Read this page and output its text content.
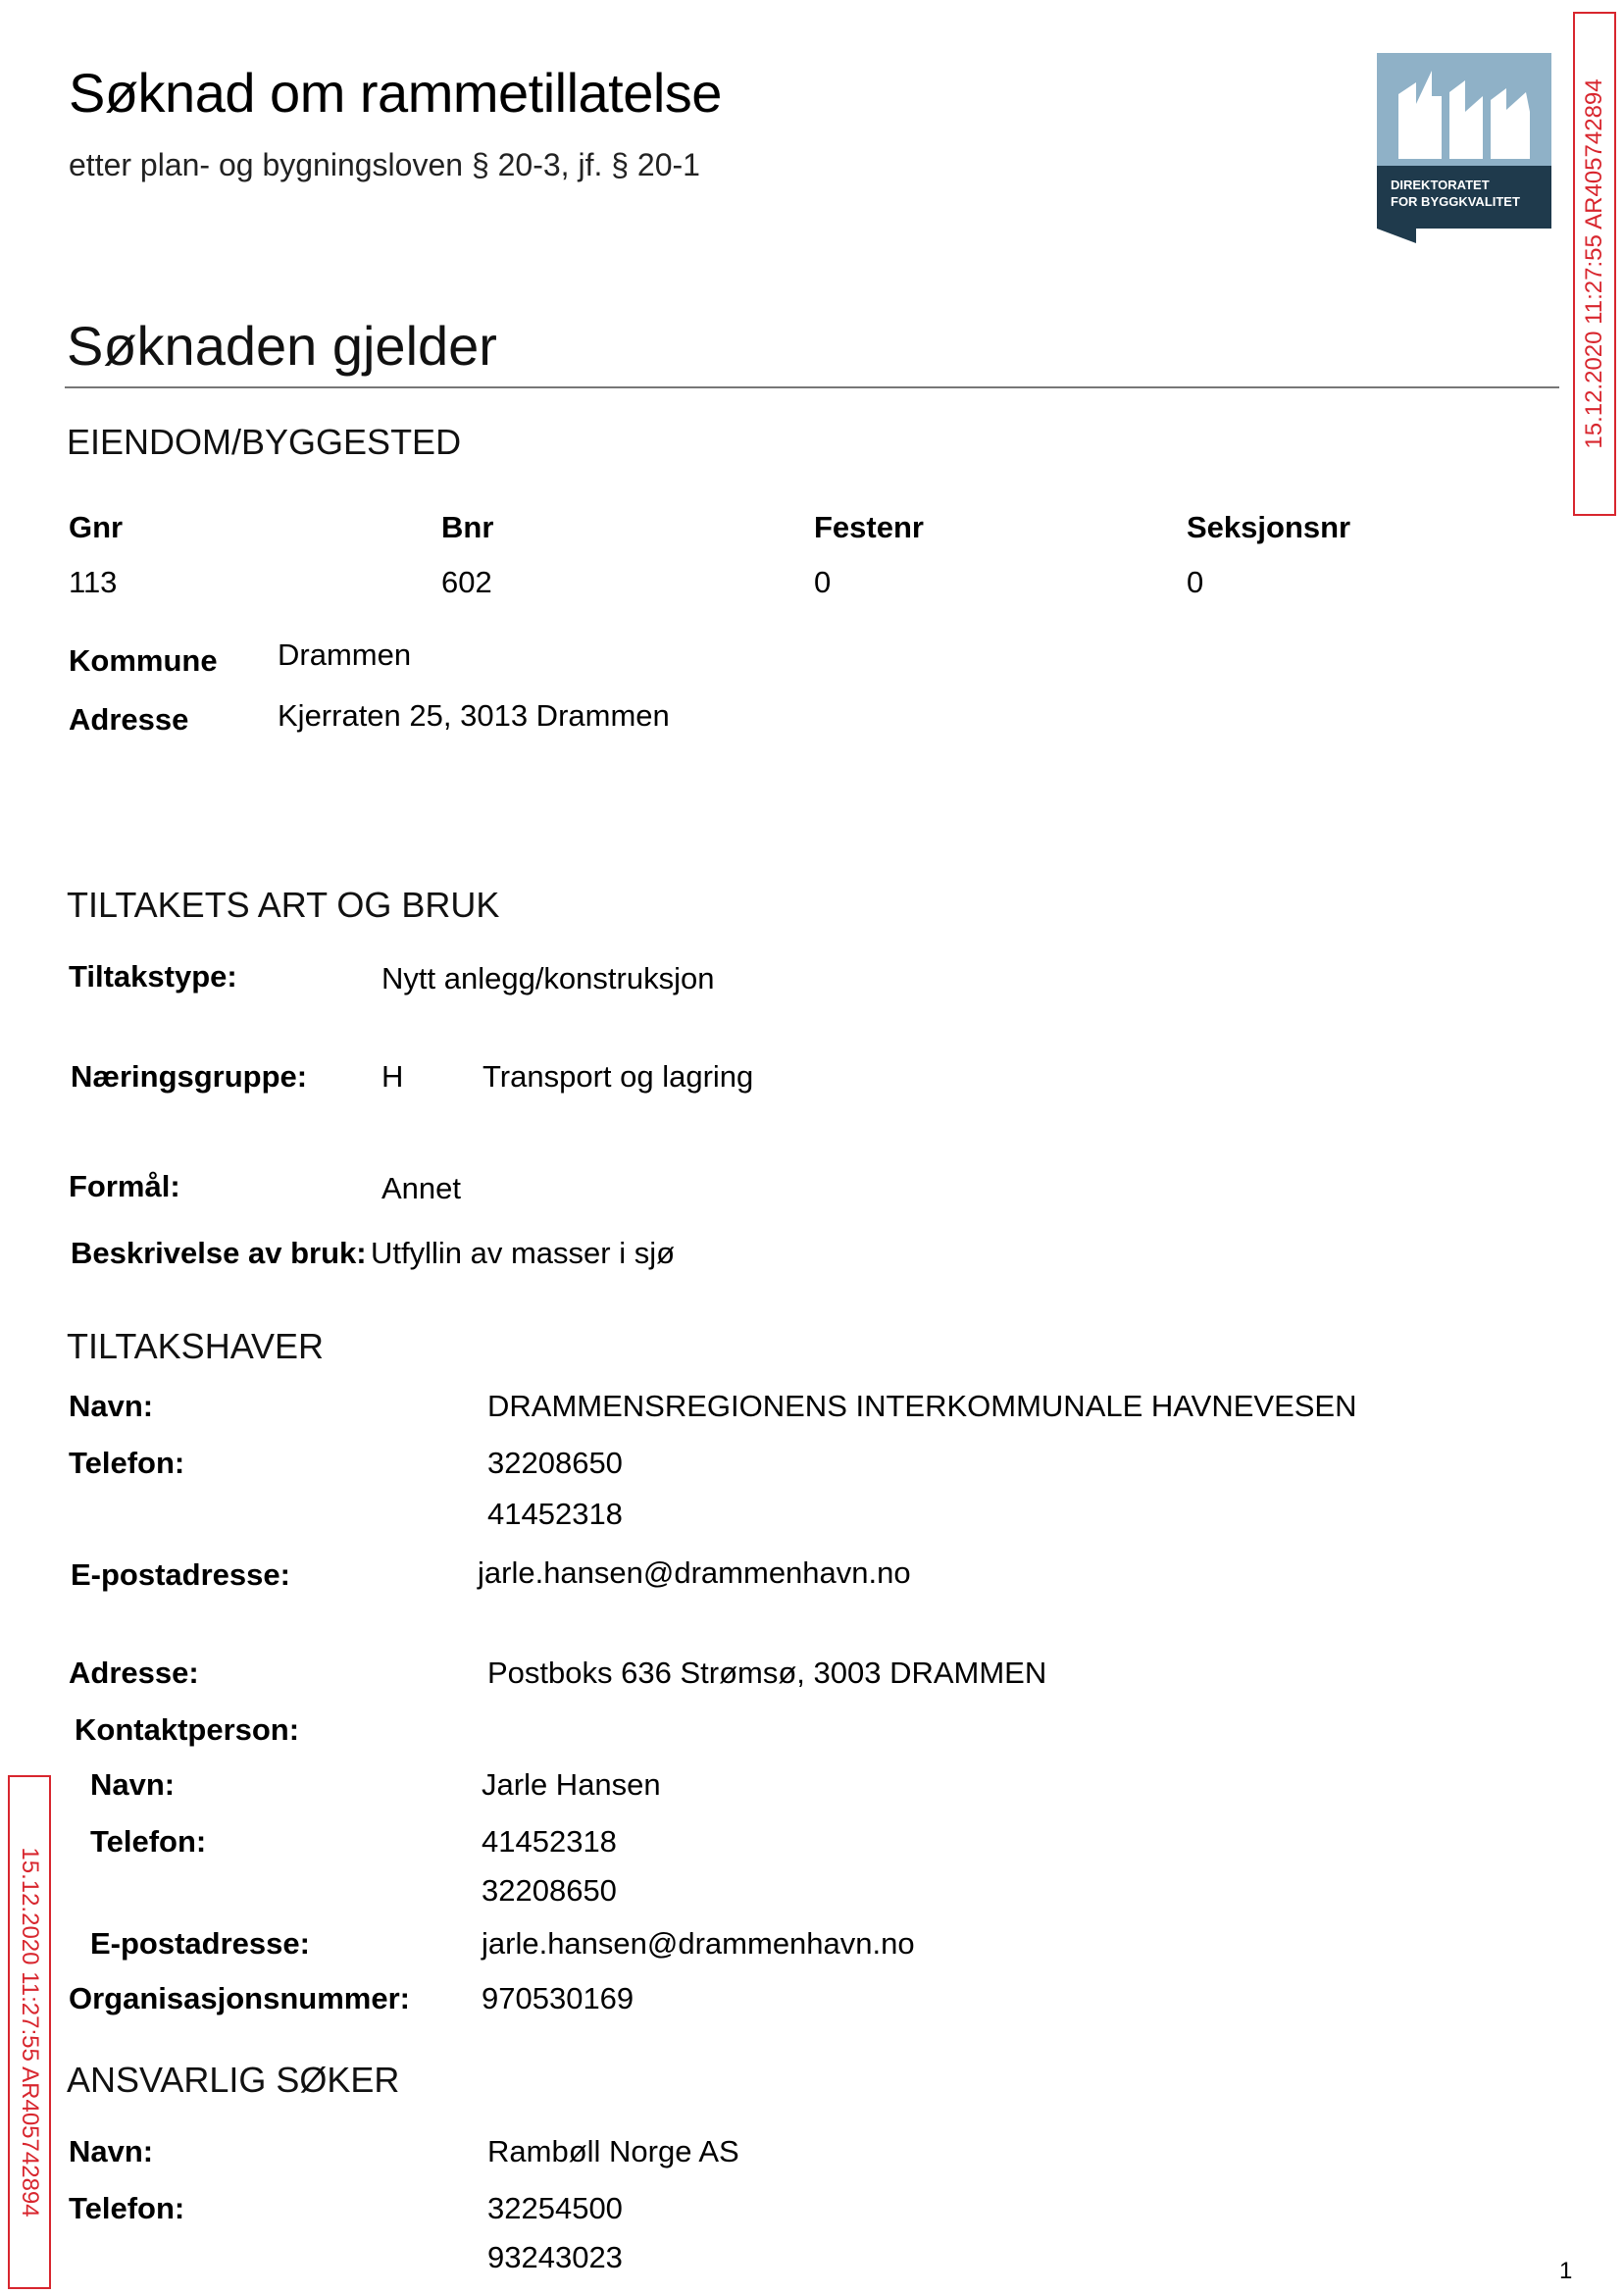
Søknad om rammetillatelse
etter plan- og bygningsloven § 20-3, jf. § 20-1
DIREKTORATET
FOR BYGGKVALITET	15.12.2020 11:27:55 AR405742894
15.12.2020 11:27:55 AR405742894
Søknaden gjelder
EIENDOM/BYGGESTED
Gnr	Bnr	Festenr	Seksjonsnr
113	602	0	0
Kommune Drammen
Adresse	Kjerraten 25, 3013 Drammen
TILTAKETS ART OG BRUK
Tiltakstype:	Nytt anlegg/konstruksjon
Næringsgruppe: H	Transport og lagring
Formål:	Annet
Beskrivelse av bruk: Utfyllin av masser i sjø
TILTAKSHAVER
Navn:	DRAMMENSREGIONENS INTERKOMMUNALE HAVNEVESEN
Telefon:	32208650
41452318
E-postadresse:	jarle.hansen@drammenhavn.no
Adresse:	Postboks 636 Strømsø, 3003 DRAMMEN
Kontaktperson:
Navn:	Jarle Hansen
Telefon:	41452318
32208650
E-postadresse:	jarle.hansen@drammenhavn.no
Organisasjonsnummer: 970530169
ANSVARLIG SØKER
Navn:	Rambøll Norge AS
Telefon:	32254500
93243023	1
